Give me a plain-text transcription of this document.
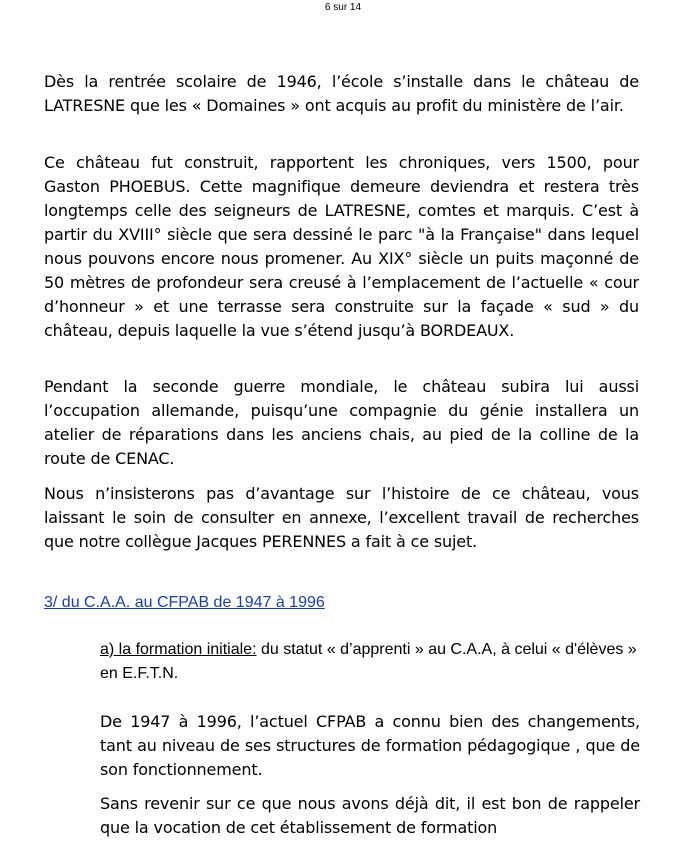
6 sur 14

Dès la rentrée scolaire de 1946, l’école s’installe dans le château de LATRESNE que les « Domaines » ont acquis au profit du ministère de l’air.

Ce château fut construit, rapportent les chroniques, vers 1500, pour Gaston PHOEBUS. Cette magnifique demeure deviendra et restera très longtemps celle des seigneurs de LATRESNE, comtes et marquis. C’est à partir du XVIII° siècle que sera dessiné le parc "à la Française" dans lequel nous pouvons encore nous promener. Au XIX° siècle un puits maçonné de 50 mètres de profondeur sera creusé à l’emplacement de l’actuelle « cour d’honneur » et une terrasse sera construite sur la façade « sud » du château, depuis laquelle la vue s’étend jusqu’à BORDEAUX.

Pendant la seconde guerre mondiale, le château subira lui aussi l’occupation allemande, puisqu’une compagnie du génie installera un atelier de réparations dans les anciens chais, au pied de la colline de la route de CENAC.

Nous n’insisterons pas d’avantage sur l’histoire de ce château, vous laissant le soin de consulter en annexe, l’excellent travail de recherches que notre collègue Jacques PERENNES a fait à ce sujet.

3/ du C.A.A. au CFPAB de 1947 à 1996

a) la formation initiale: du statut « d’apprenti » au C.A.A, à celui « d'élèves » en E.F.T.N.

De 1947 à 1996, l’actuel CFPAB a connu bien des changements, tant au niveau de ses structures de formation pédagogique , que de son fonctionnement.

Sans revenir sur ce que nous avons déjà dit, il est bon de rappeler que la vocation de cet établissement de formation
